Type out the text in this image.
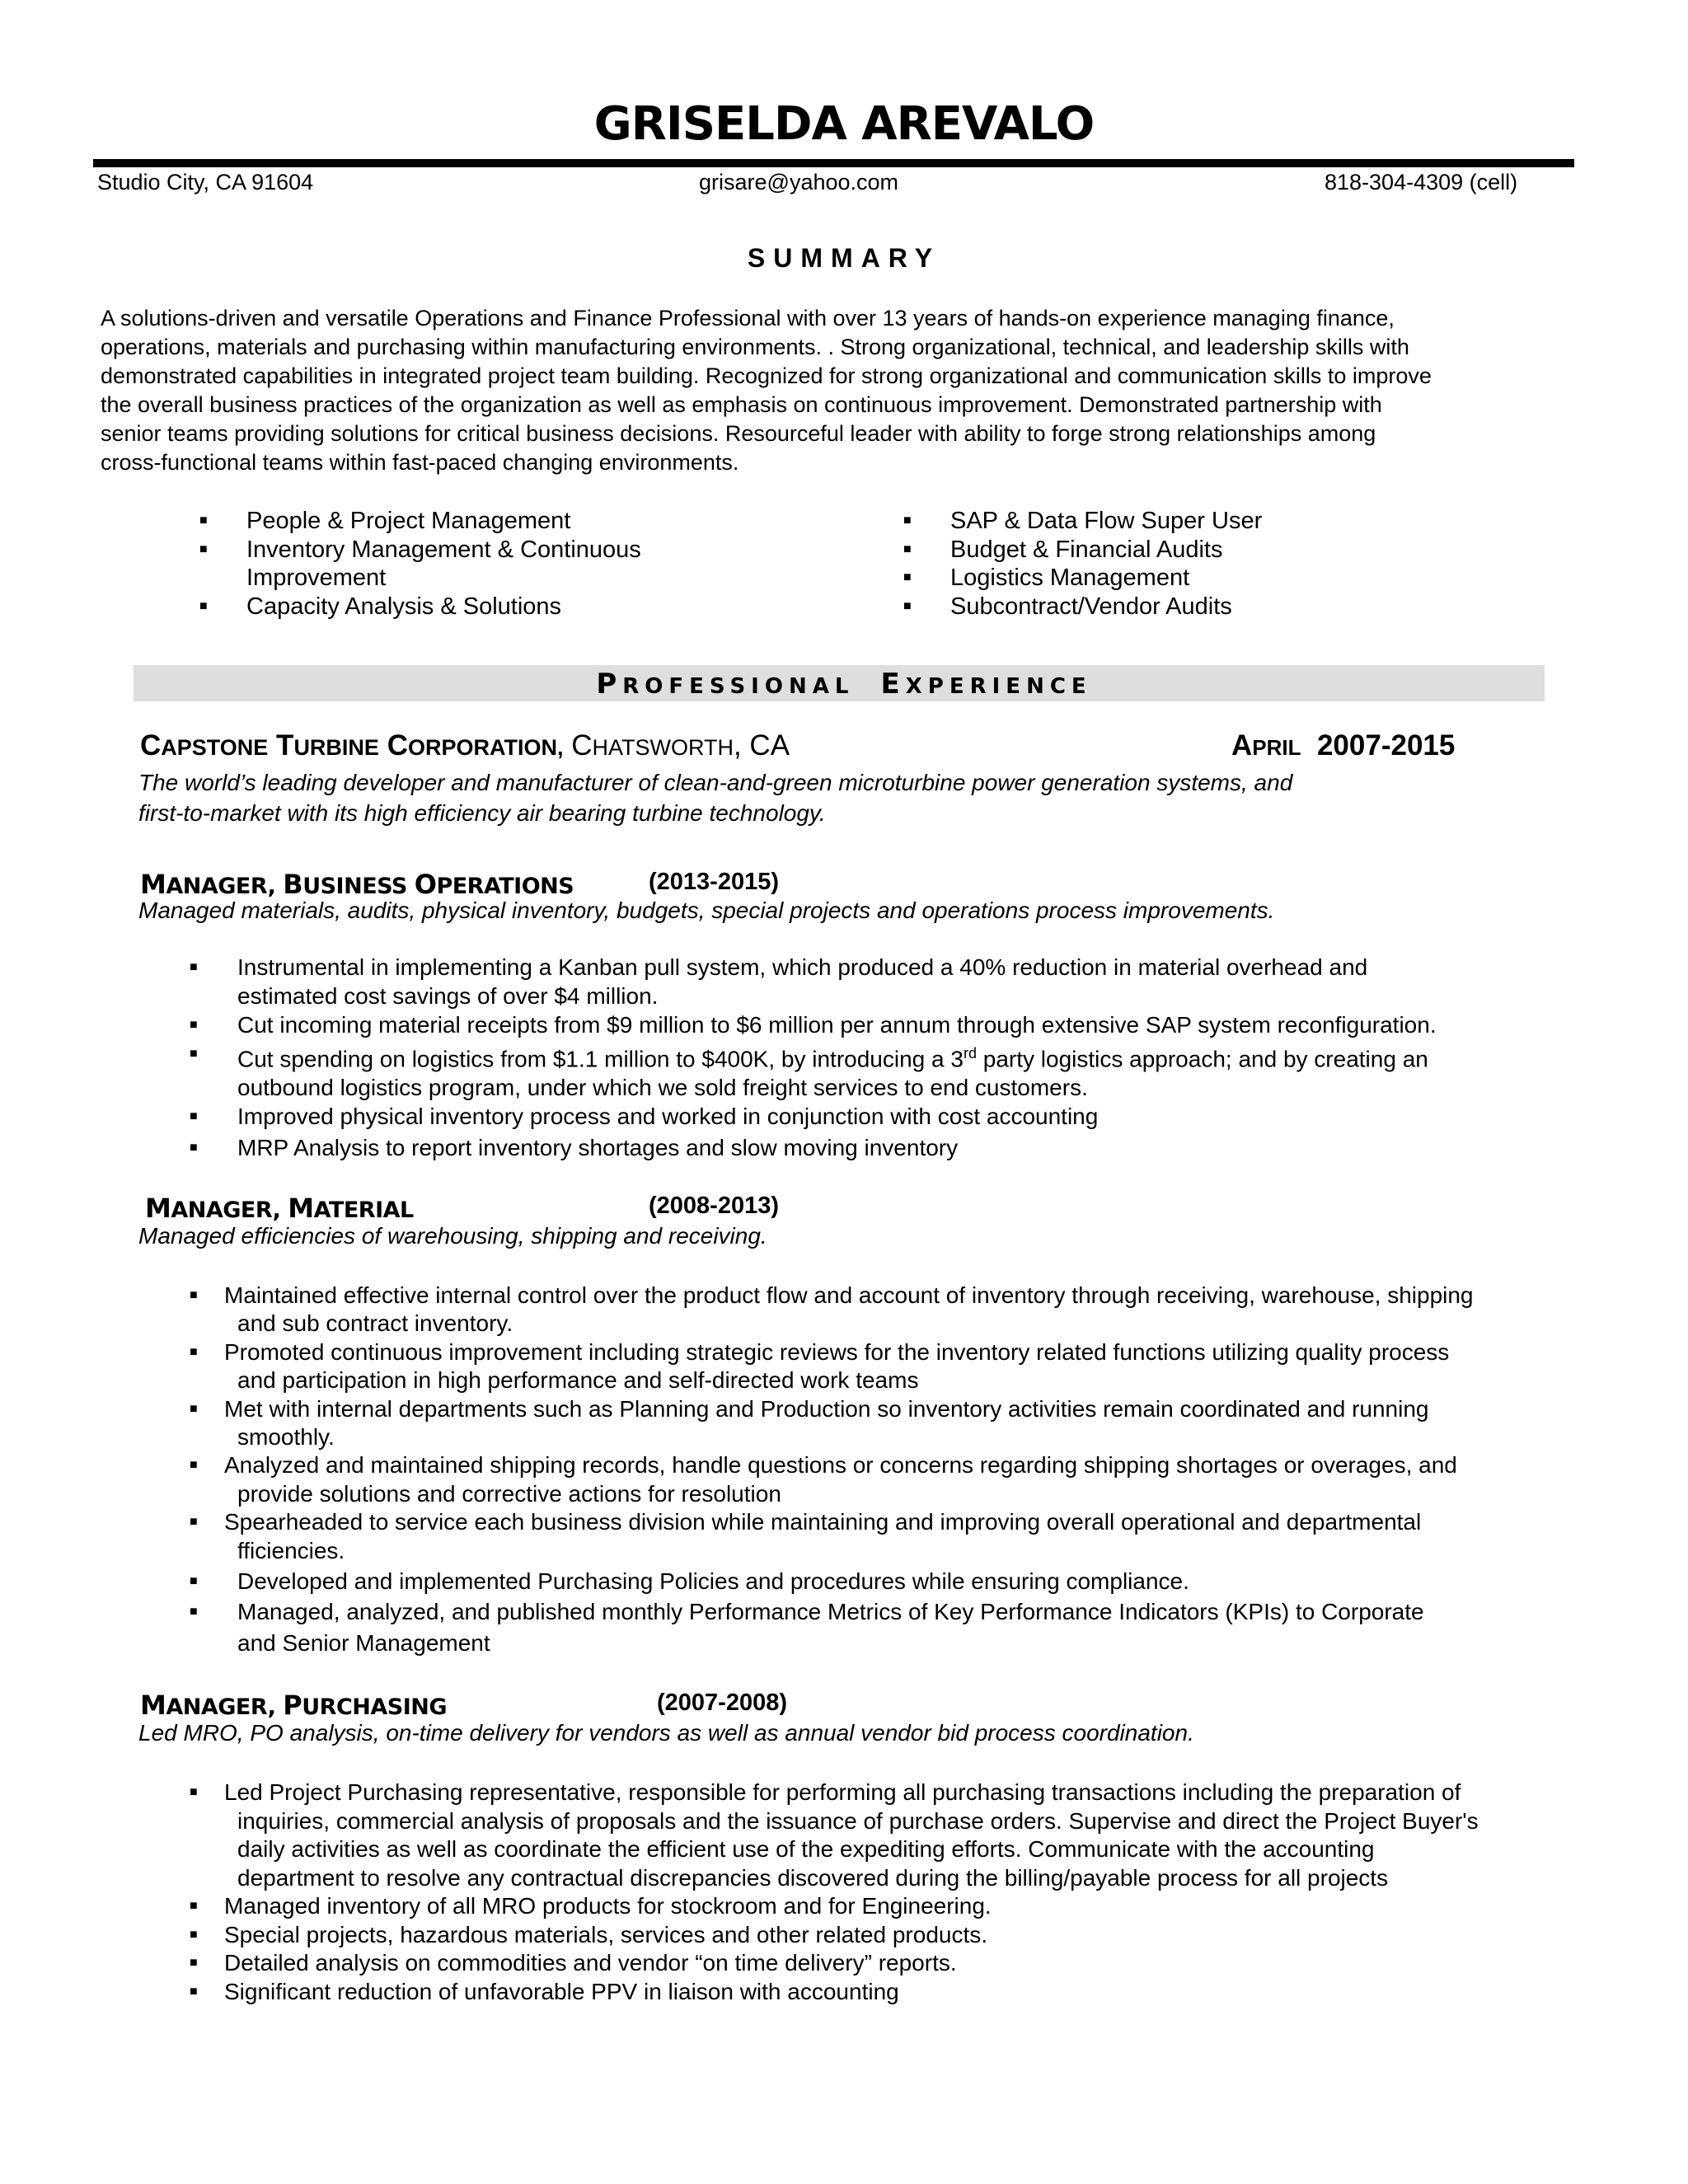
GRISELDA AREVALO
Studio City, CA 91604	grisare@yahoo.com	818-304-4309 (cell)
SUMMARY
A solutions-driven and versatile Operations and Finance Professional with over 13 years of hands-on experience managing finance,
operations, materials and purchasing within manufacturing environments. . Strong organizational, technical, and leadership skills with
demonstrated capabilities in integrated project team building. Recognized for strong organizational and communication skills to improve
the overall business practices of the organization as well as emphasis on continuous improvement. Demonstrated partnership with
senior teams providing solutions for critical business decisions. Resourceful leader with ability to forge strong relationships among
cross-functional teams within fast-paced changing environments.
■ People & Project Management
■ Inventory Management & Continuous
Improvement
■ Capacity Analysis & Solutions
■ SAP & Data Flow Super User
■ Budget & Financial Audits
■ Logistics Management
■ Subcontract/Vendor Audits
PROFESSIONAL EXPERIENCE
CAPSTONE TURBINE CORPORATION, CHATSWORTH, CA	APRIL 2007-2015
The world’s leading developer and manufacturer of clean-and-green microturbine power generation systems, and
first-to-market with its high efficiency air bearing turbine technology.
MANAGER, BUSINESS OPERATIONS	(2013-2015)
Managed materials, audits, physical inventory, budgets, special projects and operations process improvements.
■ Instrumental in implementing a Kanban pull system, which produced a 40% reduction in material overhead and
estimated cost savings of over $4 million.
■ Cut incoming material receipts from $9 million to $6 million per annum through extensive SAP system reconfiguration.
■ Cut spending on logistics from $1.1 million to $400K, by introducing a 3rd party logistics approach; and by creating an
outbound logistics program, under which we sold freight services to end customers.
■ Improved physical inventory process and worked in conjunction with cost accounting
■ MRP Analysis to report inventory shortages and slow moving inventory
MANAGER, MATERIAL	(2008-2013)
Managed efficiencies of warehousing, shipping and receiving.
■ Maintained effective internal control over the product flow and account of inventory through receiving, warehouse, shipping
and sub contract inventory.
■ Promoted continuous improvement including strategic reviews for the inventory related functions utilizing quality process
and participation in high performance and self-directed work teams
■ Met with internal departments such as Planning and Production so inventory activities remain coordinated and running
smoothly.
■ Analyzed and maintained shipping records, handle questions or concerns regarding shipping shortages or overages, and
provide solutions and corrective actions for resolution
■ Spearheaded to service each business division while maintaining and improving overall operational and departmental
fficiencies.
■ Developed and implemented Purchasing Policies and procedures while ensuring compliance.
■ Managed, analyzed, and published monthly Performance Metrics of Key Performance Indicators (KPIs) to Corporate
and Senior Management
MANAGER, PURCHASING	(2007-2008)
Led MRO, PO analysis, on-time delivery for vendors as well as annual vendor bid process coordination.
■ Led Project Purchasing representative, responsible for performing all purchasing transactions including the preparation of
inquiries, commercial analysis of proposals and the issuance of purchase orders. Supervise and direct the Project Buyer's
daily activities as well as coordinate the efficient use of the expediting efforts. Communicate with the accounting
department to resolve any contractual discrepancies discovered during the billing/payable process for all projects
■ Managed inventory of all MRO products for stockroom and for Engineering.
■ Special projects, hazardous materials, services and other related products.
■ Detailed analysis on commodities and vendor “on time delivery” reports.
■ Significant reduction of unfavorable PPV in liaison with accounting
